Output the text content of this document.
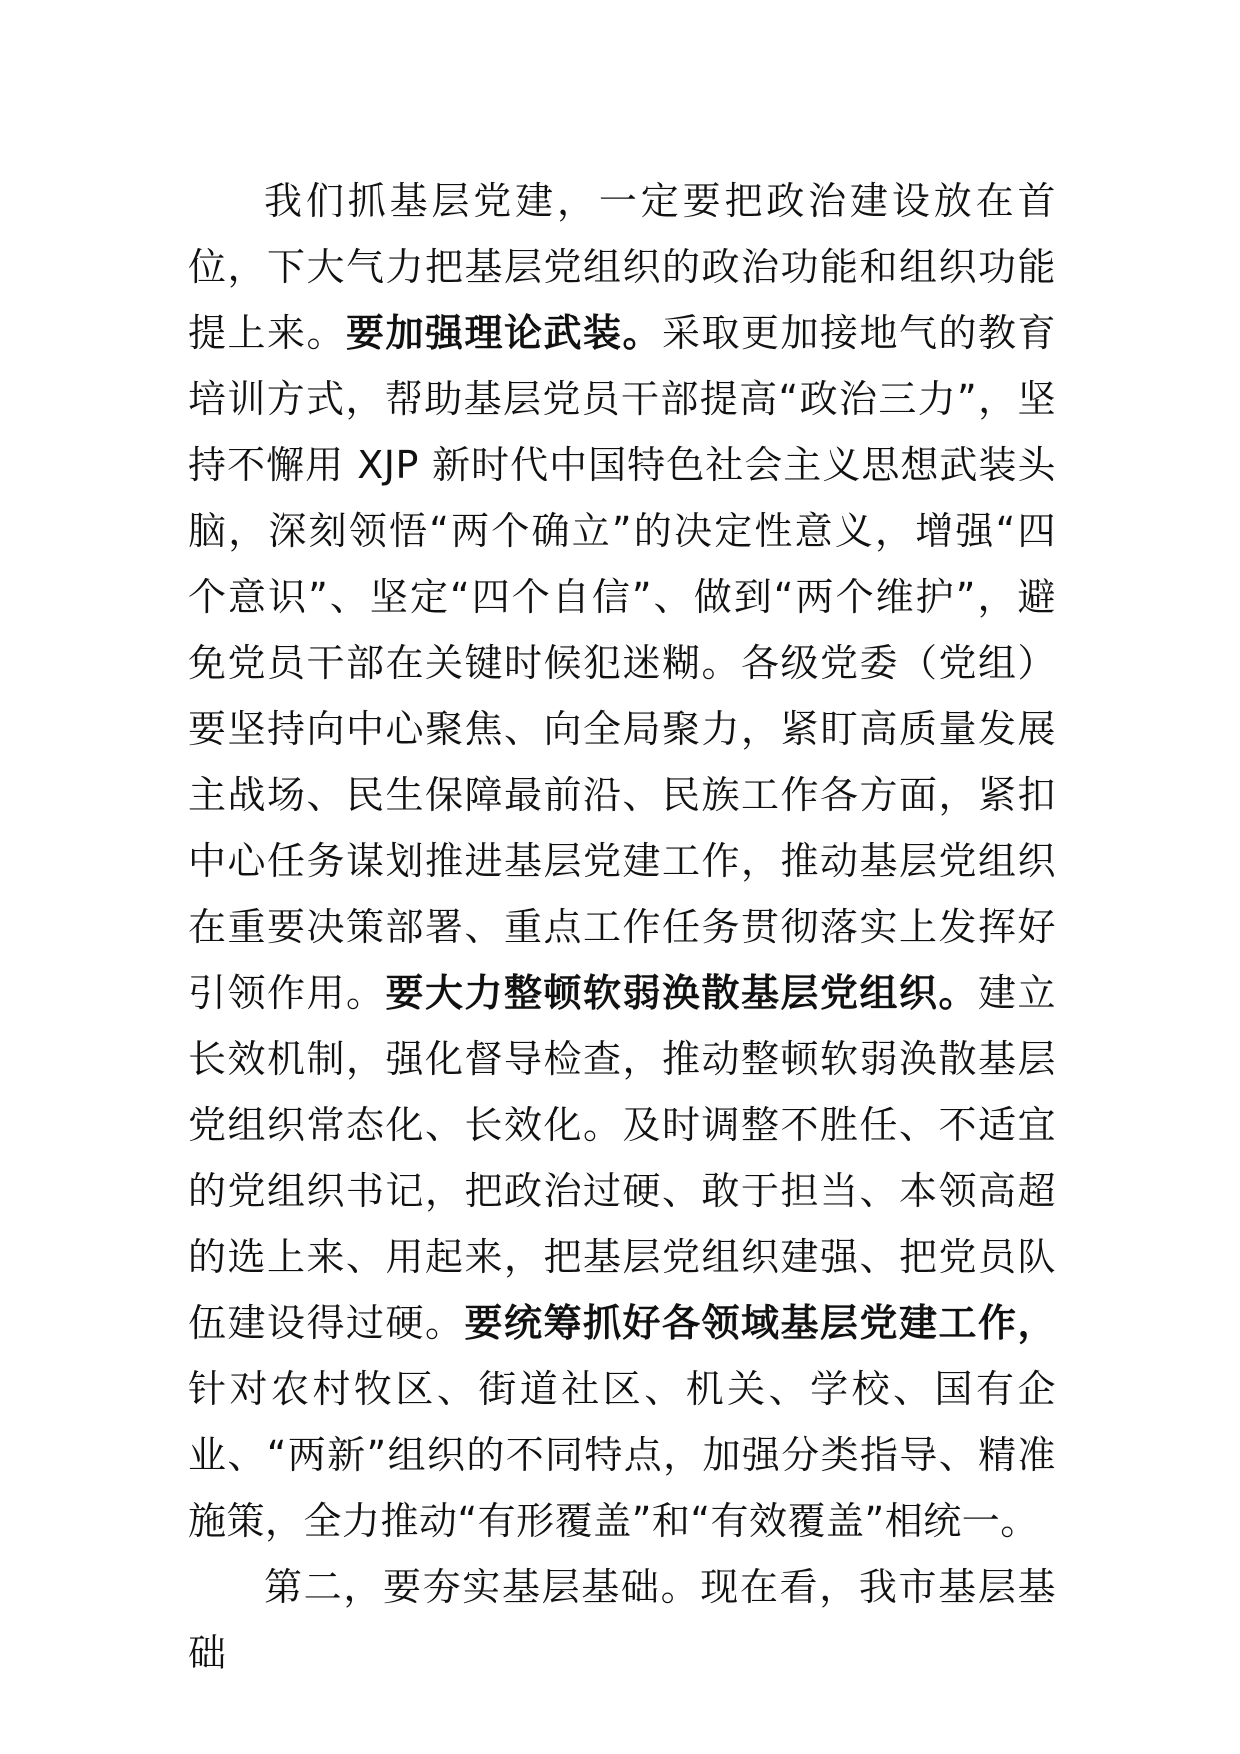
我们抓基层党建，一定要把政治建设放在首位，下大气力把基层党组织的政治功能和组织功能提上来。要加强理论武装。采取更加接地气的教育培训方式，帮助基层党员干部提高“政治三力”，坚持不懈用 XJP 新时代中国特色社会主义思想武装头脑，深刻领悟“两个确立”的决定性意义，增强“四个意识”、坚定“四个自信”、做到“两个维护”，避免党员干部在关键时候犯迷糊。各级党委（党组）要坚持向中心聚焦、向全局聚力，紧盯高质量发展主战场、民生保障最前沿、民族工作各方面，紧扣中心任务谋划推进基层党建工作，推动基层党组织在重要决策部署、重点工作任务贯彻落实上发挥好引领作用。要大力整顿软弱涣散基层党组织。建立长效机制，强化督导检查，推动整顿软弱涣散基层党组织常态化、长效化。及时调整不胜任、不适宜的党组织书记，把政治过硬、敢于担当、本领高超的选上来、用起来，把基层党组织建强、把党员队伍建设得过硬。要统筹抓好各领域基层党建工作，针对农村牧区、街道社区、机关、学校、国有企业、“两新”组织的不同特点，加强分类指导、精准施策，全力推动“有形覆盖”和“有效覆盖”相统一。

第二，要夯实基层基础。现在看，我市基层基础
